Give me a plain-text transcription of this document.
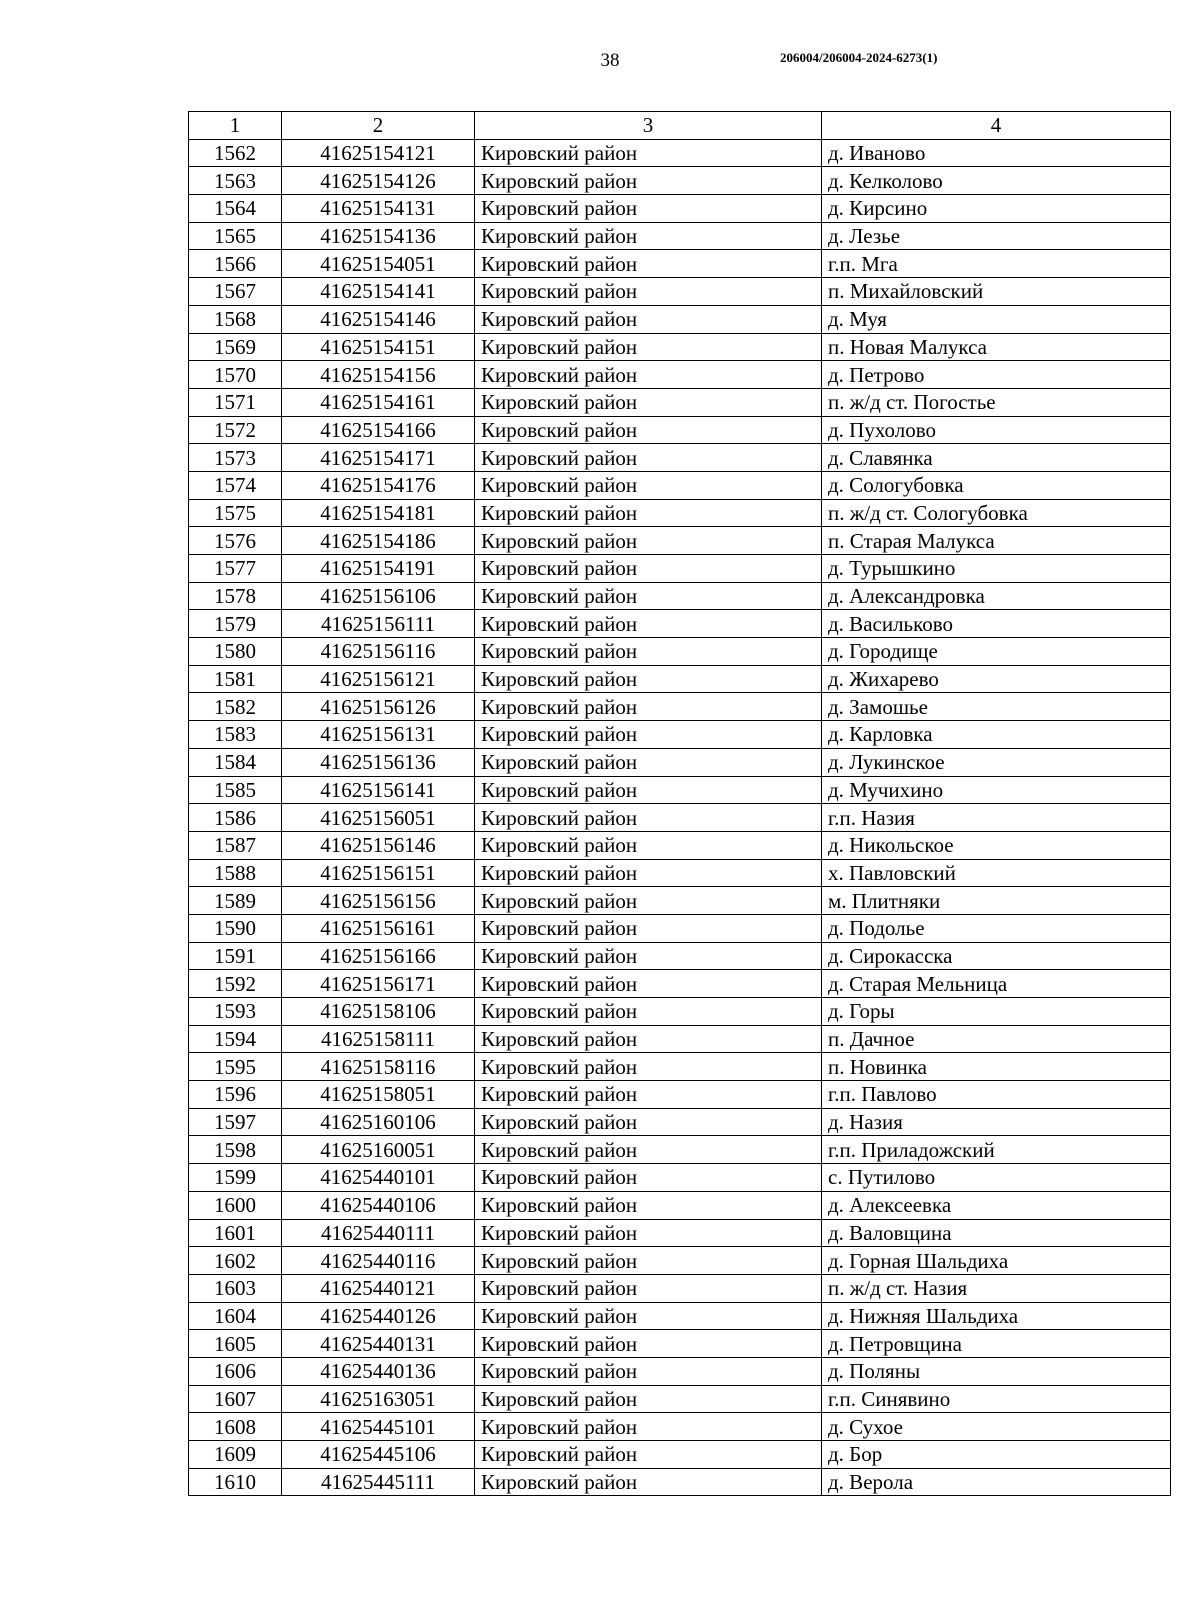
38	206004/206004-2024-6273(1)
1	2	3	4
1562	41625154121	Кировский район	д. Иваново
1563	41625154126	Кировский район	д. Келколово
1564	41625154131	Кировский район	д. Кирсино
1565	41625154136	Кировский район	д. Лезье
1566	41625154051	Кировский район	г.п. Мга
1567	41625154141	Кировский район	п. Михайловский
1568	41625154146	Кировский район	д. Муя
1569	41625154151	Кировский район	п. Новая Малукса
1570	41625154156	Кировский район	д. Петрово
1571	41625154161	Кировский район	п. ж/д ст. Погостье
1572	41625154166	Кировский район	д. Пухолово
1573	41625154171	Кировский район	д. Славянка
1574	41625154176	Кировский район	д. Сологубовка
1575	41625154181	Кировский район	п. ж/д ст. Сологубовка
1576	41625154186	Кировский район	п. Старая Малукса
1577	41625154191	Кировский район	д. Турышкино
1578	41625156106	Кировский район	д. Александровка
1579	41625156111	Кировский район	д. Васильково
1580	41625156116	Кировский район	д. Городище
1581	41625156121	Кировский район	д. Жихарево
1582	41625156126	Кировский район	д. Замошье
1583	41625156131	Кировский район	д. Карловка
1584	41625156136	Кировский район	д. Лукинское
1585	41625156141	Кировский район	д. Мучихино
1586	41625156051	Кировский район	г.п. Назия
1587	41625156146	Кировский район	д. Никольское
1588	41625156151	Кировский район	х. Павловский
1589	41625156156	Кировский район	м. Плитняки
1590	41625156161	Кировский район	д. Подолье
1591	41625156166	Кировский район	д. Сирокасска
1592	41625156171	Кировский район	д. Старая Мельница
1593	41625158106	Кировский район	д. Горы
1594	41625158111	Кировский район	п. Дачное
1595	41625158116	Кировский район	п. Новинка
1596	41625158051	Кировский район	г.п. Павлово
1597	41625160106	Кировский район	д. Назия
1598	41625160051	Кировский район	г.п. Приладожский
1599	41625440101	Кировский район	с. Путилово
1600	41625440106	Кировский район	д. Алексеевка
1601	41625440111	Кировский район	д. Валовщина
1602	41625440116	Кировский район	д. Горная Шальдиха
1603	41625440121	Кировский район	п. ж/д ст. Назия
1604	41625440126	Кировский район	д. Нижняя Шальдиха
1605	41625440131	Кировский район	д. Петровщина
1606	41625440136	Кировский район	д. Поляны
1607	41625163051	Кировский район	г.п. Синявино
1608	41625445101	Кировский район	д. Сухое
1609	41625445106	Кировский район	д. Бор
1610	41625445111	Кировский район	д. Верола
